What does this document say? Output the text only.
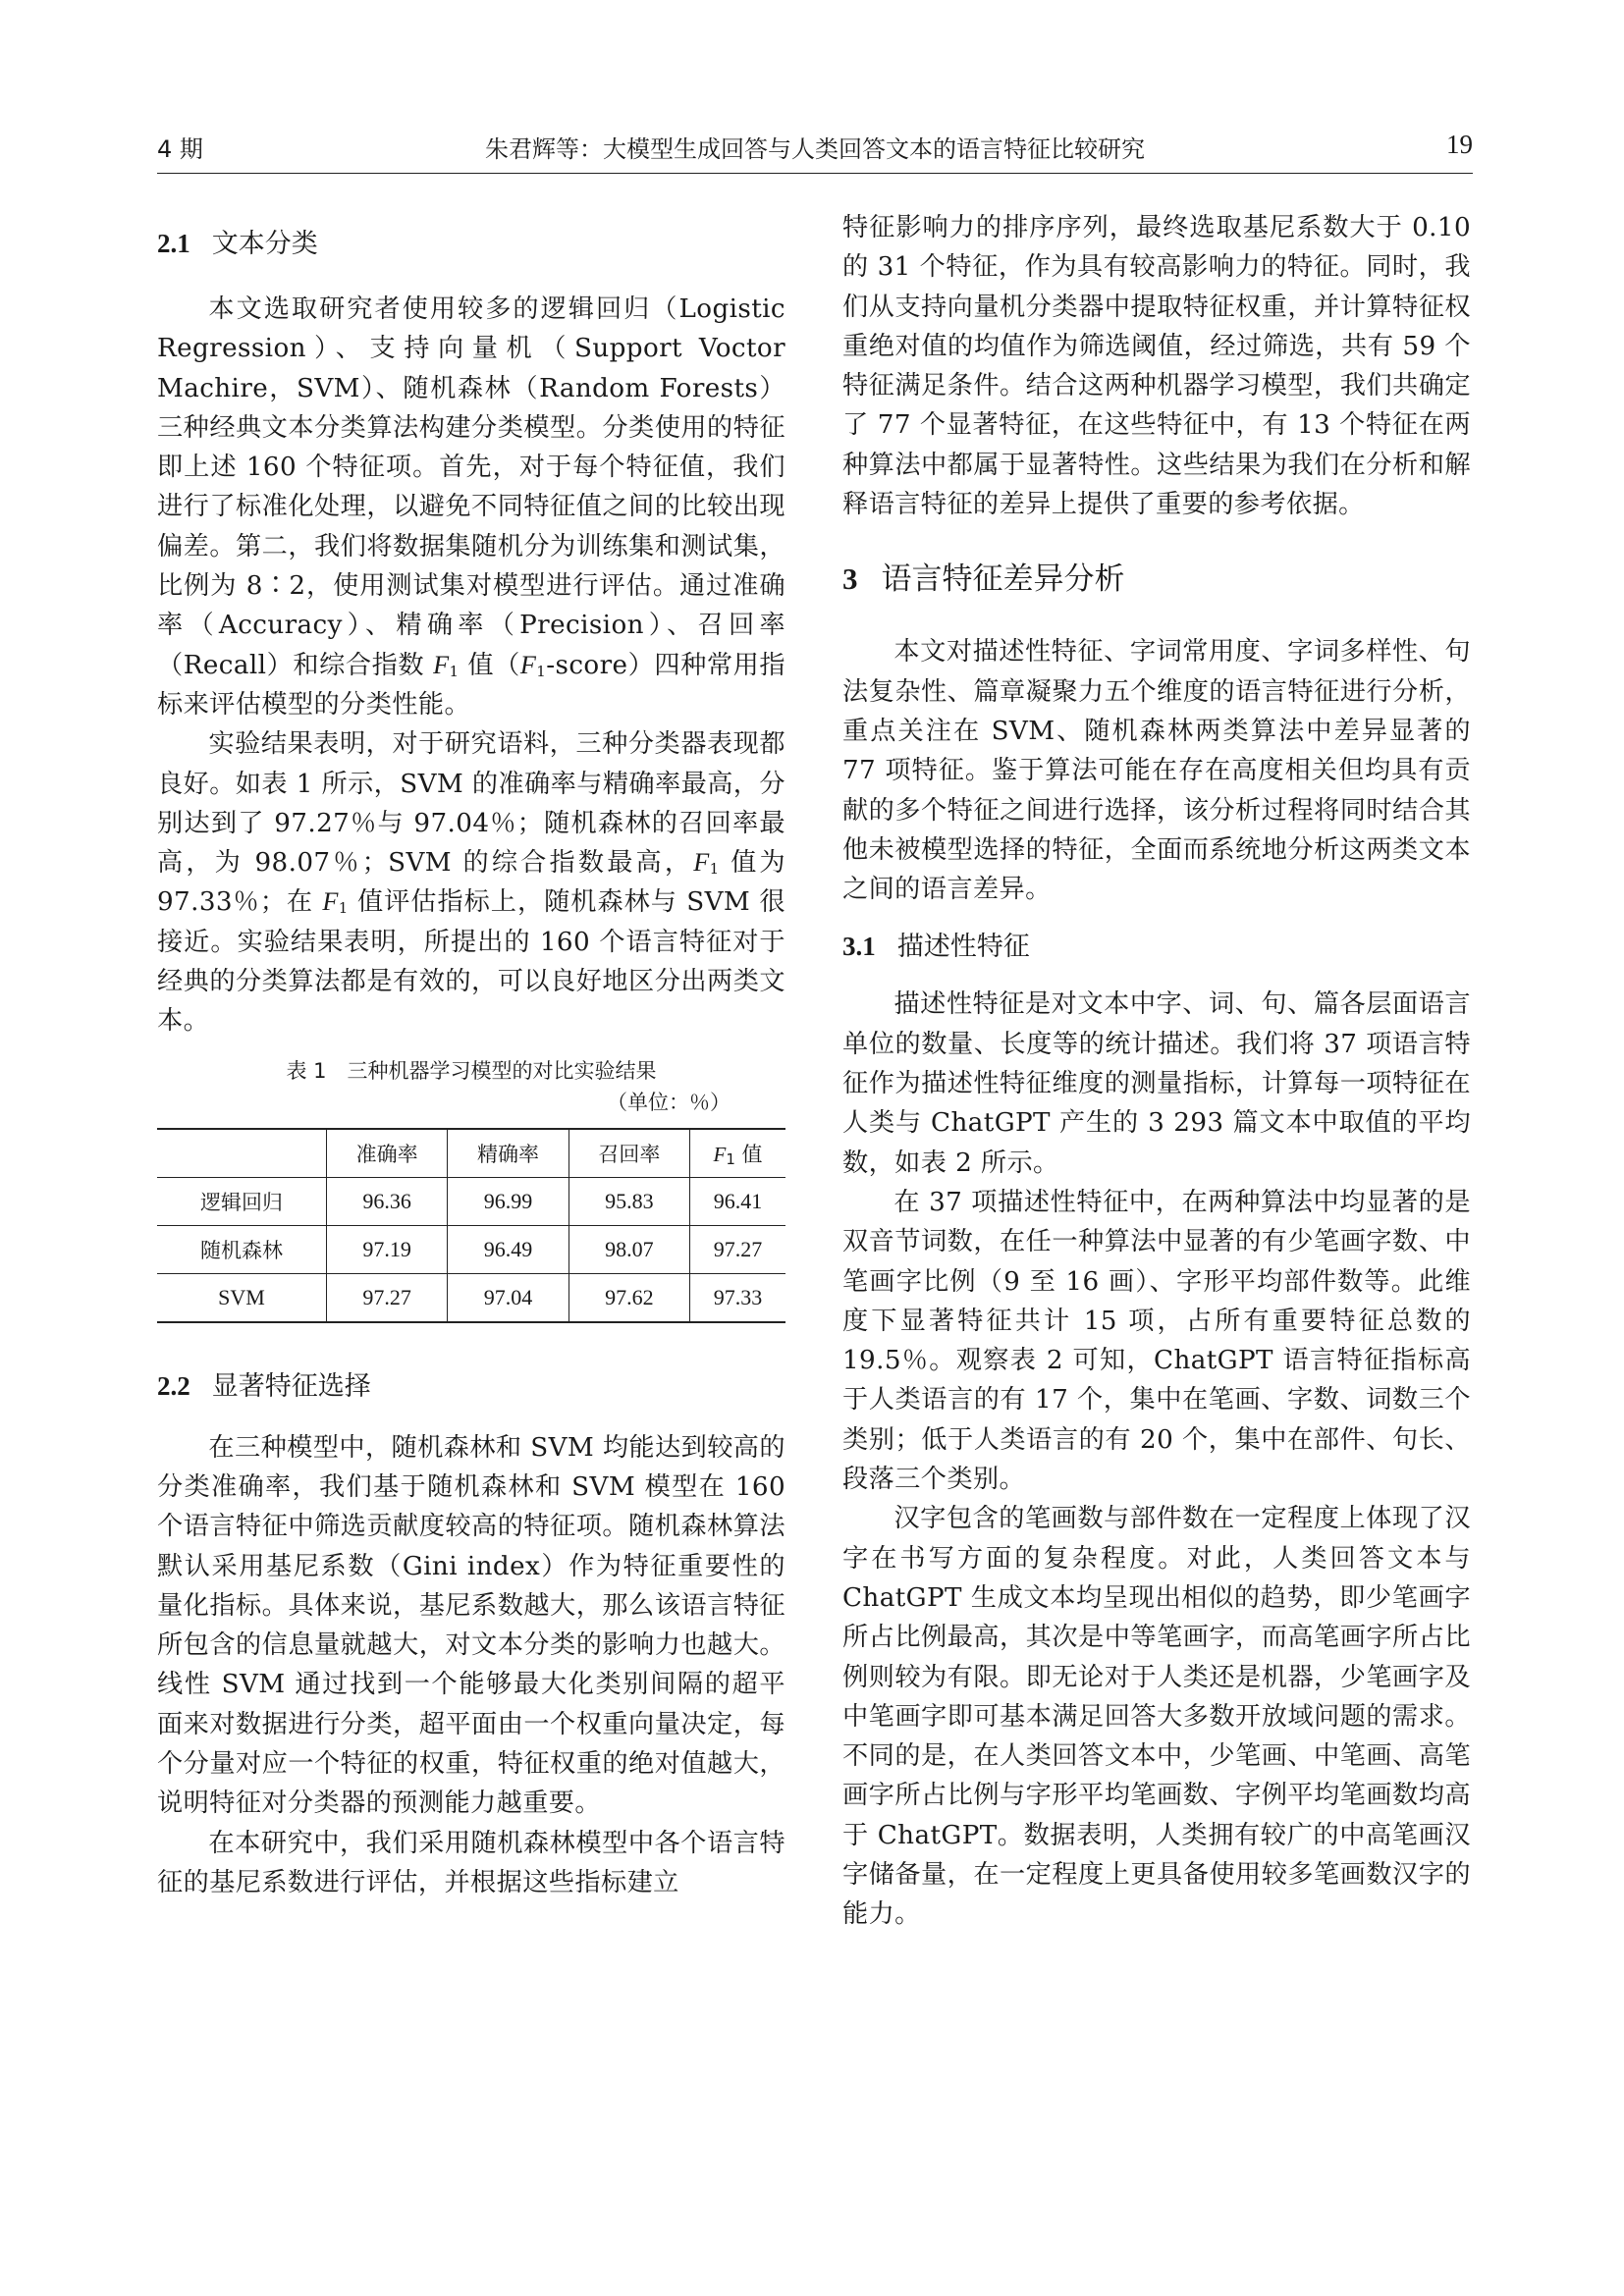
4 期	朱君辉等：大模型生成回答与人类回答文本的语言特征比较研究	19
2.1 文本分类

本文选取研究者使用较多的逻辑回归（Logistic Regression）、支持向量机（Support Voctor Machire，SVM）、随机森林（Random Forests）三种经典文本分类算法构建分类模型。分类使用的特征即上述 160 个特征项。首先，对于每个特征值，我们进行了标准化处理，以避免不同特征值之间的比较出现偏差。第二，我们将数据集随机分为训练集和测试集，比例为 8∶2，使用测试集对模型进行评估。通过准确率（Accuracy）、精确率（Precision）、召回率（Recall）和综合指数 $F_1$ 值$(F_1-score)$四种常用指标来评估模型的分类性能。

实验结果表明，对于研究语料，三种分类器表现都良好。如表 1 所示，SVM 的准确率与精确率最高，分别达到了 97.27％与 97.04％；随机森林的召回率最高，为 98.07％；SVM 的综合指数最高，$F_1$ 值为 97.33％；在 $F_1$ 值评估指标上，随机森林与 SVM 很接近。实验结果表明，所提出的 160 个语言特征对于经典的分类算法都是有效的，可以良好地区分出两类文本。

表 1　三种机器学习模型的对比实验结果
（单位：％）
	准确率	精确率	召回率	$F_1$ 值
逻辑回归	96.36	96.99	95.83	96.41
随机森林	97.19	96.49	98.07	97.27
SVM	97.27	97.04	97.62	97.33
2.2 显著特征选择

在三种模型中，随机森林和 SVM 均能达到较高的分类准确率，我们基于随机森林和 SVM 模型在 160 个语言特征中筛选贡献度较高的特征项。随机森林算法默认采用基尼系数（Gini index）作为特征重要性的量化指标。具体来说，基尼系数越大，那么该语言特征所包含的信息量就越大，对文本分类的影响力也越大。线性 SVM 通过找到一个能够最大化类别间隔的超平面来对数据进行分类，超平面由一个权重向量决定，每个分量对应一个特征的权重，特征权重的绝对值越大，说明特征对分类器的预测能力越重要。

在本研究中，我们采用随机森林模型中各个语言特征的基尼系数进行评估，并根据这些指标建立

特征影响力的排序序列，最终选取基尼系数大于 0.10 的 31 个特征，作为具有较高影响力的特征。同时，我们从支持向量机分类器中提取特征权重，并计算特征权重绝对值的均值作为筛选阈值，经过筛选，共有 59 个特征满足条件。结合这两种机器学习模型，我们共确定了 77 个显著特征，在这些特征中，有 13 个特征在两种算法中都属于显著特性。这些结果为我们在分析和解释语言特征的差异上提供了重要的参考依据。

3 语言特征差异分析

本文对描述性特征、字词常用度、字词多样性、句法复杂性、篇章凝聚力五个维度的语言特征进行分析，重点关注在 SVM、随机森林两类算法中差异显著的 77 项特征。鉴于算法可能在存在高度相关但均具有贡献的多个特征之间进行选择，该分析过程将同时结合其他未被模型选择的特征，全面而系统地分析这两类文本之间的语言差异。

3.1 描述性特征

描述性特征是对文本中字、词、句、篇各层面语言单位的数量、长度等的统计描述。我们将 37 项语言特征作为描述性特征维度的测量指标，计算每一项特征在人类与 ChatGPT 产生的 3 293 篇文本中取值的平均数，如表 2 所示。

在 37 项描述性特征中，在两种算法中均显著的是双音节词数，在任一种算法中显著的有少笔画字数、中笔画字比例（9 至 16 画）、字形平均部件数等。此维度下显著特征共计 15 项，占所有重要特征总数的 19.5％。观察表 2 可知，ChatGPT 语言特征指标高于人类语言的有 17 个，集中在笔画、字数、词数三个类别；低于人类语言的有 20 个，集中在部件、句长、段落三个类别。

汉字包含的笔画数与部件数在一定程度上体现了汉字在书写方面的复杂程度。对此，人类回答文本与 ChatGPT 生成文本均呈现出相似的趋势，即少笔画字所占比例最高，其次是中等笔画字，而高笔画字所占比例则较为有限。即无论对于人类还是机器，少笔画字及中笔画字即可基本满足回答大多数开放域问题的需求。不同的是，在人类回答文本中，少笔画、中笔画、高笔画字所占比例与字形平均笔画数、字例平均笔画数均高于 ChatGPT。数据表明，人类拥有较广的中高笔画汉字储备量，在一定程度上更具备使用较多笔画数汉字的能力。
